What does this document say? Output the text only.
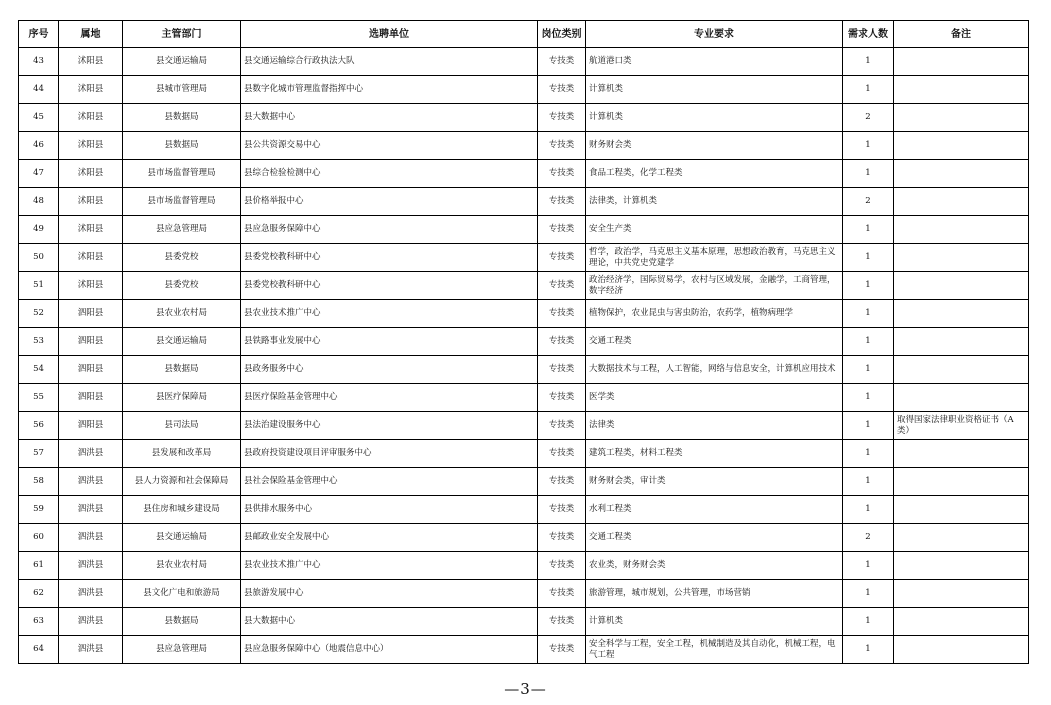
序号	属地	主管部门	选聘单位	岗位类别	专业要求	需求人数	备注
43	沭阳县	县交通运输局	县交通运输综合行政执法大队	专技类	航道港口类	1	
44	沭阳县	县城市管理局	县数字化城市管理监督指挥中心	专技类	计算机类	1	
45	沭阳县	县数据局	县大数据中心	专技类	计算机类	2	
46	沭阳县	县数据局	县公共资源交易中心	专技类	财务财会类	1	
47	沭阳县	县市场监督管理局	县综合检验检测中心	专技类	食品工程类，化学工程类	1	
48	沭阳县	县市场监督管理局	县价格举报中心	专技类	法律类，计算机类	2	
49	沭阳县	县应急管理局	县应急服务保障中心	专技类	安全生产类	1	
50	沭阳县	县委党校	县委党校教科研中心	专技类	哲学，政治学，马克思主义基本原理，思想政治教育，马克思主义理论，中共党史党建学	1	
51	沭阳县	县委党校	县委党校教科研中心	专技类	政治经济学，国际贸易学，农村与区域发展，金融学，工商管理，数字经济	1	
52	泗阳县	县农业农村局	县农业技术推广中心	专技类	植物保护，农业昆虫与害虫防治，农药学，植物病理学	1	
53	泗阳县	县交通运输局	县铁路事业发展中心	专技类	交通工程类	1	
54	泗阳县	县数据局	县政务服务中心	专技类	大数据技术与工程，人工智能，网络与信息安全，计算机应用技术	1	
55	泗阳县	县医疗保障局	县医疗保险基金管理中心	专技类	医学类	1	
56	泗阳县	县司法局	县法治建设服务中心	专技类	法律类	1	取得国家法律职业资格证书（A类）
57	泗洪县	县发展和改革局	县政府投资建设项目评审服务中心	专技类	建筑工程类，材料工程类	1	
58	泗洪县	县人力资源和社会保障局	县社会保险基金管理中心	专技类	财务财会类，审计类	1	
59	泗洪县	县住房和城乡建设局	县供排水服务中心	专技类	水利工程类	1	
60	泗洪县	县交通运输局	县邮政业安全发展中心	专技类	交通工程类	2	
61	泗洪县	县农业农村局	县农业技术推广中心	专技类	农业类，财务财会类	1	
62	泗洪县	县文化广电和旅游局	县旅游发展中心	专技类	旅游管理，城市规划，公共管理，市场营销	1	
63	泗洪县	县数据局	县大数据中心	专技类	计算机类	1	
64	泗洪县	县应急管理局	县应急服务保障中心（地震信息中心）	专技类	安全科学与工程，安全工程，机械制造及其自动化，机械工程，电气工程	1	
—3—
